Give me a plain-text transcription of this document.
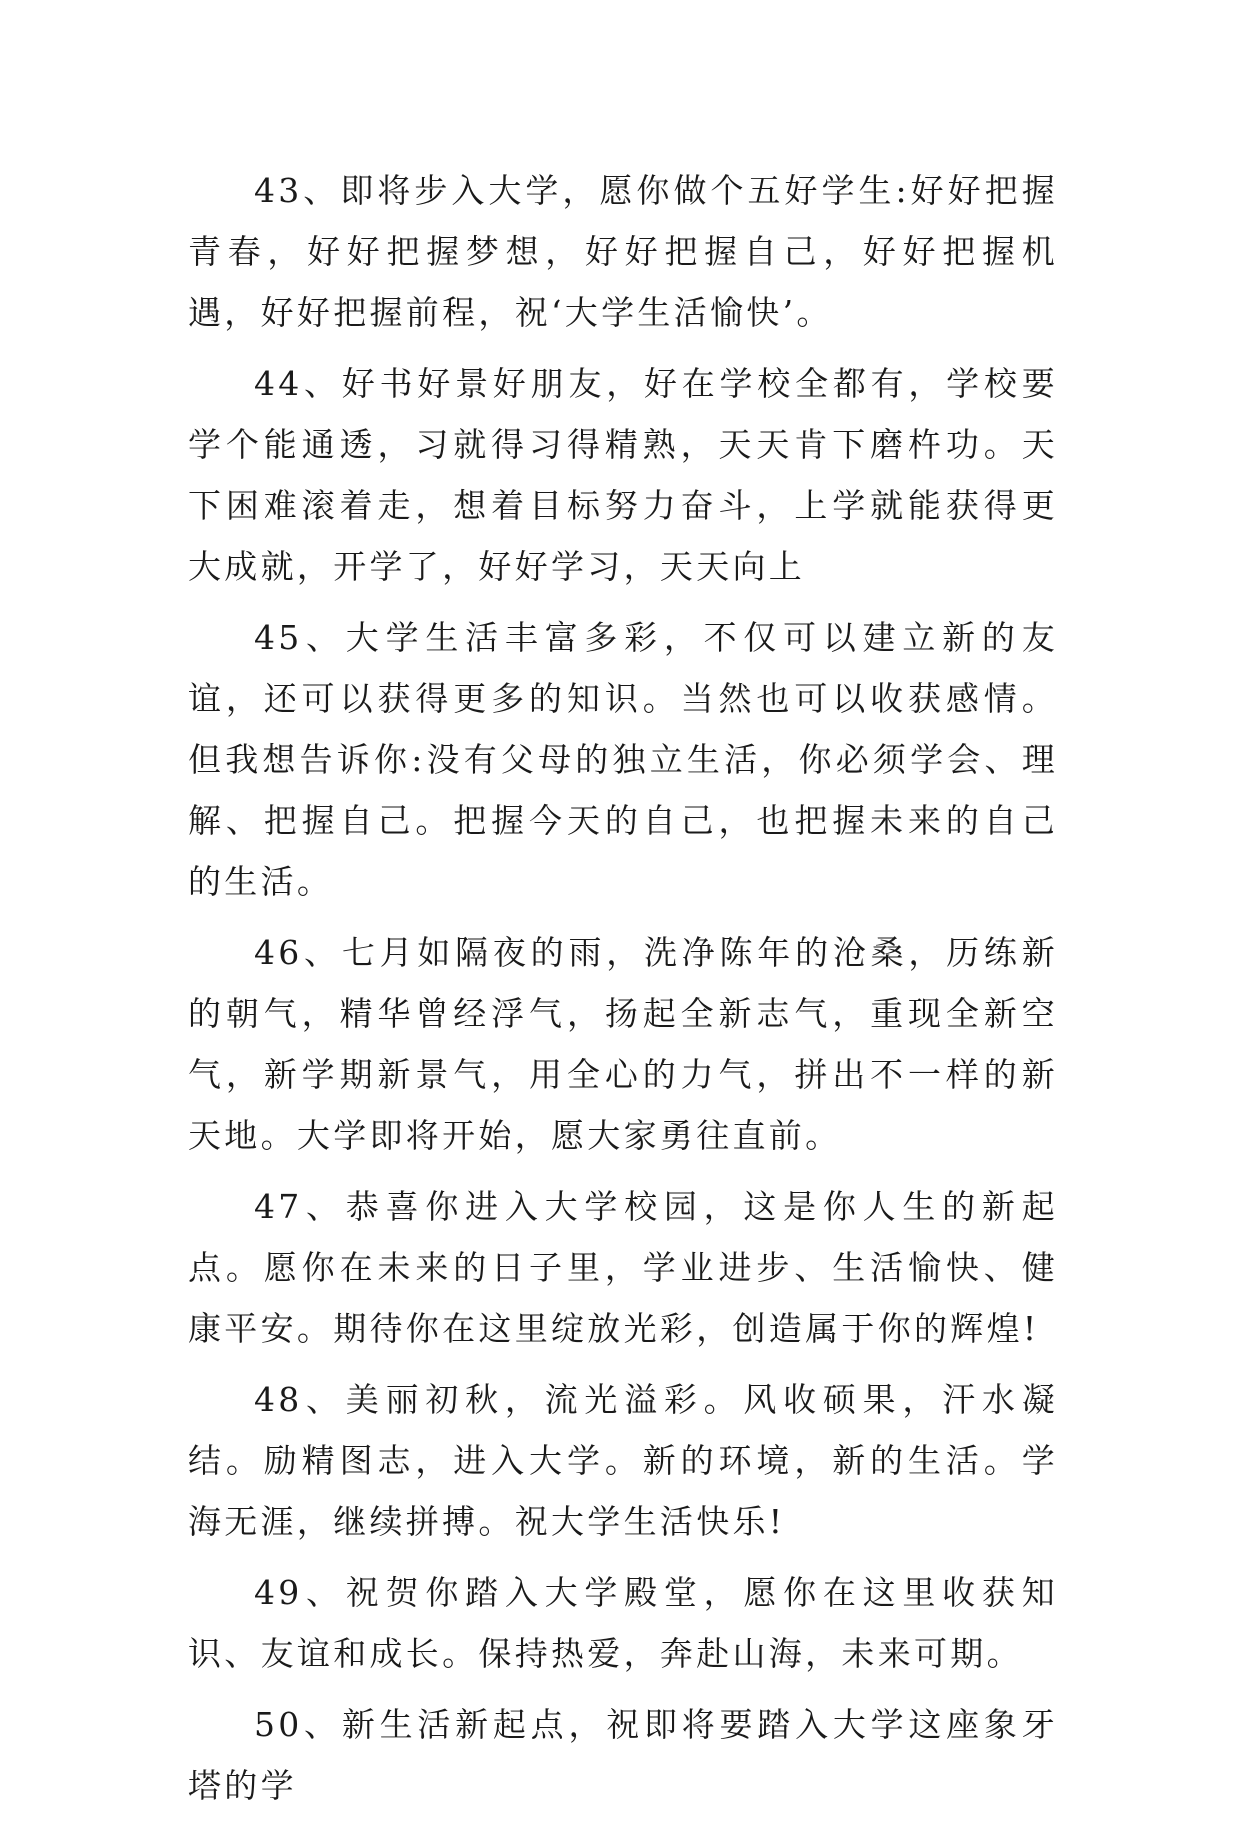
43、即将步入大学，愿你做个五好学生:好好把握青春，好好把握梦想，好好把握自己，好好把握机遇，好好把握前程，祝‘大学生活愉快’。

44、好书好景好朋友，好在学校全都有，学校要学个能通透，习就得习得精熟，天天肯下磨杵功。天下困难滚着走，想着目标努力奋斗，上学就能获得更大成就，开学了，好好学习，天天向上

45、大学生活丰富多彩，不仅可以建立新的友谊，还可以获得更多的知识。当然也可以收获感情。但我想告诉你:没有父母的独立生活，你必须学会、理解、把握自己。把握今天的自己，也把握未来的自己的生活。

46、七月如隔夜的雨，洗净陈年的沧桑，历练新的朝气，精华曾经浮气，扬起全新志气，重现全新空气，新学期新景气，用全心的力气，拼出不一样的新天地。大学即将开始，愿大家勇往直前。

47、恭喜你进入大学校园，这是你人生的新起点。愿你在未来的日子里，学业进步、生活愉快、健康平安。期待你在这里绽放光彩，创造属于你的辉煌!

48、美丽初秋，流光溢彩。风收硕果，汗水凝结。励精图志，进入大学。新的环境，新的生活。学海无涯，继续拼搏。祝大学生活快乐!

49、祝贺你踏入大学殿堂，愿你在这里收获知识、友谊和成长。保持热爱，奔赴山海，未来可期。

50、新生活新起点，祝即将要踏入大学这座象牙塔的学
